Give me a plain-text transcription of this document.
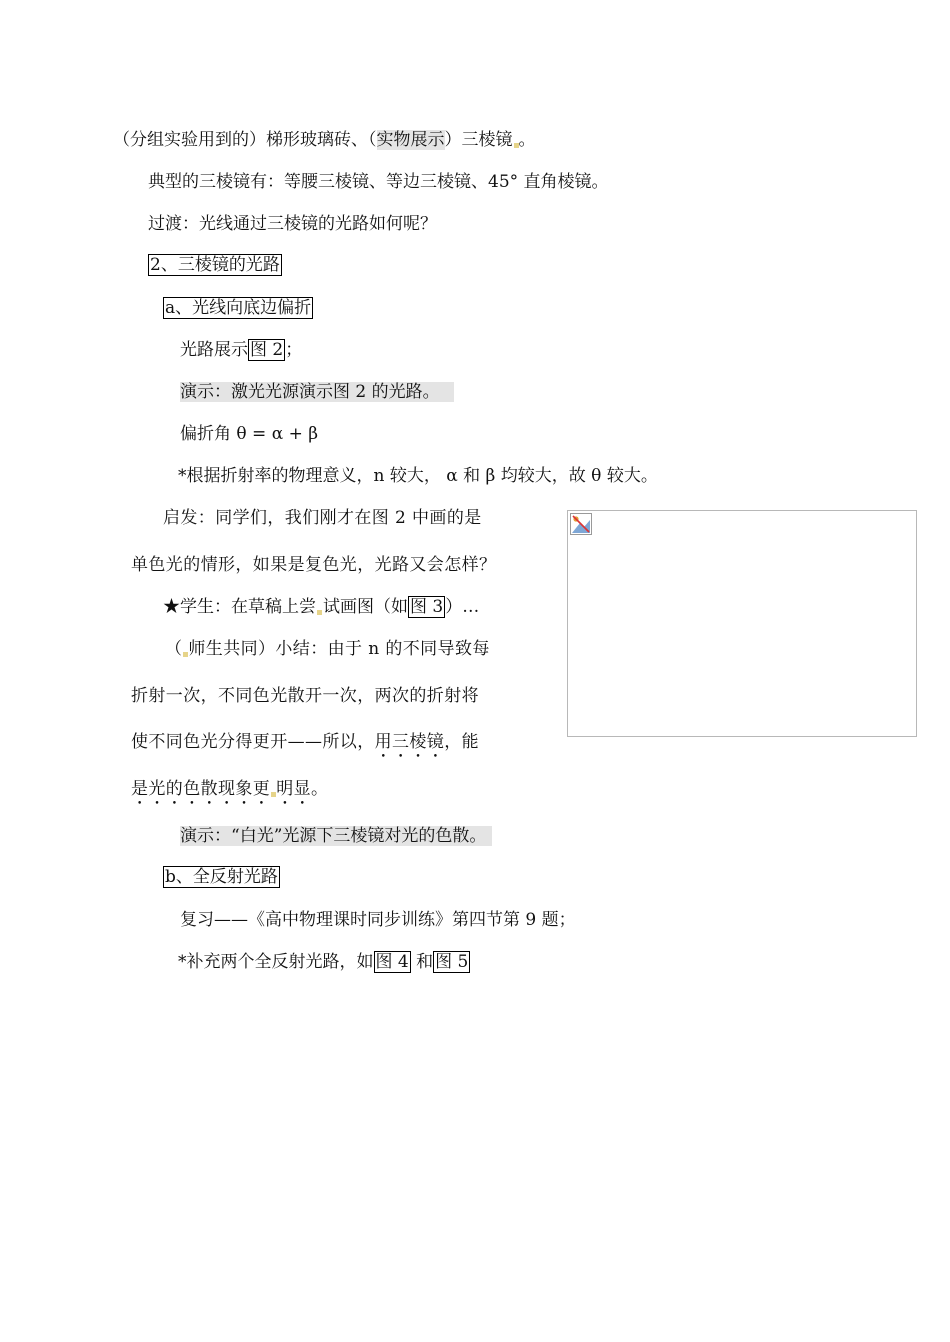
（分组实验用到的）梯形玻璃砖、（实物展示）三棱镜 。
典型的三棱镜有：等腰三棱镜、等边三棱镜、45° 直角棱镜。
过渡：光线通过三棱镜的光路如何呢？
2、三棱镜的光路
a、光线向底边偏折
光路展示 图 2 ；
演示：激光光源演示图 2 的光路。
偏折角 θ = α + β
*根据折射率的物理意义，n 较大， α 和 β 均较大，故 θ 较大。
启发：同学们，我们刚才在图 2 中画的是
单色光的情形，如果是复色光，光路又会怎样？
★学生：在草稿上尝 试画图（如 图 3 ）…
（ 师生共同）小结：由于 n 的不同导致每
折射一次，不同色光散开一次，两次的折射将
使不同色光分得更开——所以，用三棱镜，能
是光的色散现象更 明显。
演示：“白光”光源下三棱镜对光的色散。
b、全反射光路
复习——《高中物理课时同步训练》第四节第 9 题；
*补充两个全反射光路，如 图 4 和 图 5
